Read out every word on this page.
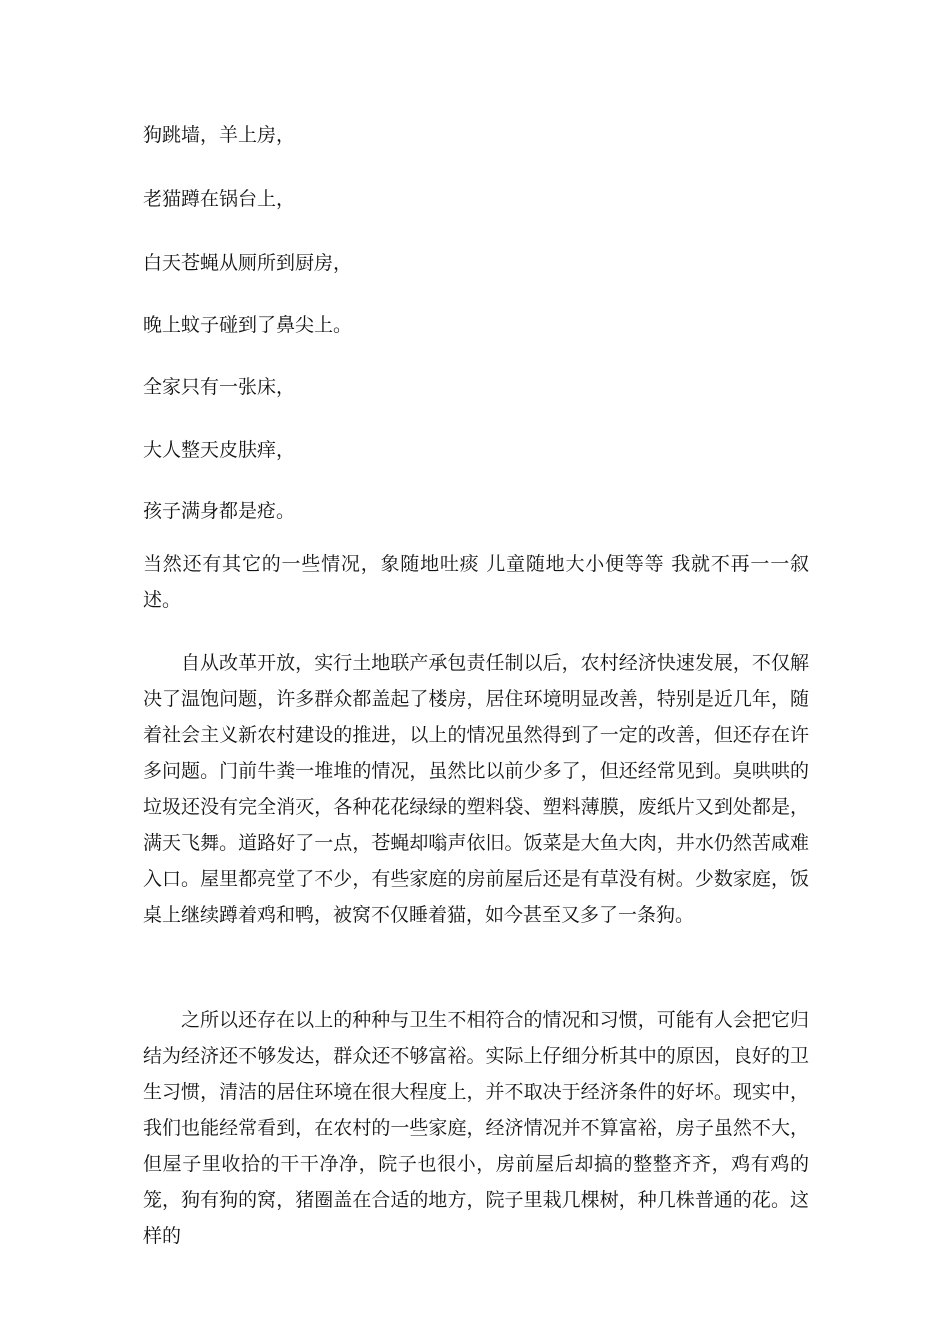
狗跳墙，羊上房，
老猫蹲在锅台上，
白天苍蝇从厕所到厨房，
晚上蚊子碰到了鼻尖上。
全家只有一张床，
大人整天皮肤痒，
孩子满身都是疮。

当然还有其它的一些情况，象随地吐痰 儿童随地大小便等等 我就不再一一叙述。

自从改革开放，实行土地联产承包责任制以后，农村经济快速发展，不仅解决了温饱问题，许多群众都盖起了楼房，居住环境明显改善，特别是近几年，随着社会主义新农村建设的推进，以上的情况虽然得到了一定的改善，但还存在许多问题。门前牛粪一堆堆的情况，虽然比以前少多了，但还经常见到。臭哄哄的垃圾还没有完全消灭，各种花花绿绿的塑料袋、塑料薄膜，废纸片又到处都是，满天飞舞。道路好了一点，苍蝇却嗡声依旧。饭菜是大鱼大肉，井水仍然苦咸难入口。屋里都亮堂了不少，有些家庭的房前屋后还是有草没有树。少数家庭，饭桌上继续蹲着鸡和鸭，被窝不仅睡着猫，如今甚至又多了一条狗。

之所以还存在以上的种种与卫生不相符合的情况和习惯，可能有人会把它归结为经济还不够发达，群众还不够富裕。实际上仔细分析其中的原因，良好的卫生习惯，清洁的居住环境在很大程度上，并不取决于经济条件的好坏。现实中，我们也能经常看到，在农村的一些家庭，经济情况并不算富裕，房子虽然不大，但屋子里收拾的干干净净，院子也很小，房前屋后却搞的整整齐齐，鸡有鸡的笼，狗有狗的窝，猪圈盖在合适的地方，院子里栽几棵树，种几株普通的花。这样的
